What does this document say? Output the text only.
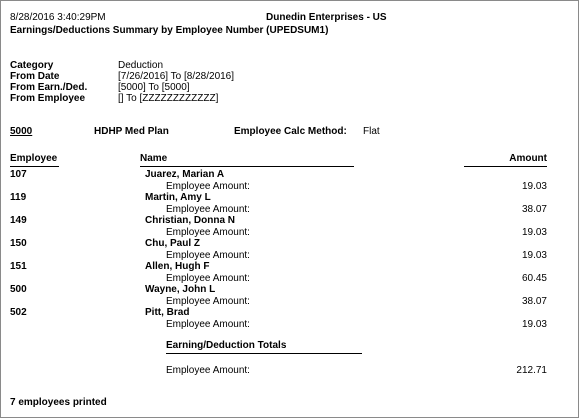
8/28/2016 3:40:29PM	Dunedin Enterprises - US
Earnings/Deductions Summary by Employee Number (UPEDSUM1)
Category	Deduction
From Date	[7/26/2016] To [8/28/2016]
From Earn./Ded.	[5000] To [5000]
From Employee	[] To [ZZZZZZZZZZZZ]
5000	HDHP Med Plan	Employee Calc Method: Flat
Employee	Name	Amount
107	Juarez, Marian A
Employee Amount:	19.03
119	Martin, Amy L
Employee Amount:	38.07
149	Christian, Donna N
Employee Amount:	19.03
150	Chu, Paul Z
Employee Amount:	19.03
151	Allen, Hugh F
Employee Amount:	60.45
500	Wayne, John L
Employee Amount:	38.07
502	Pitt, Brad
Employee Amount:	19.03
Earning/Deduction Totals
Employee Amount:	212.71
7 employees printed
